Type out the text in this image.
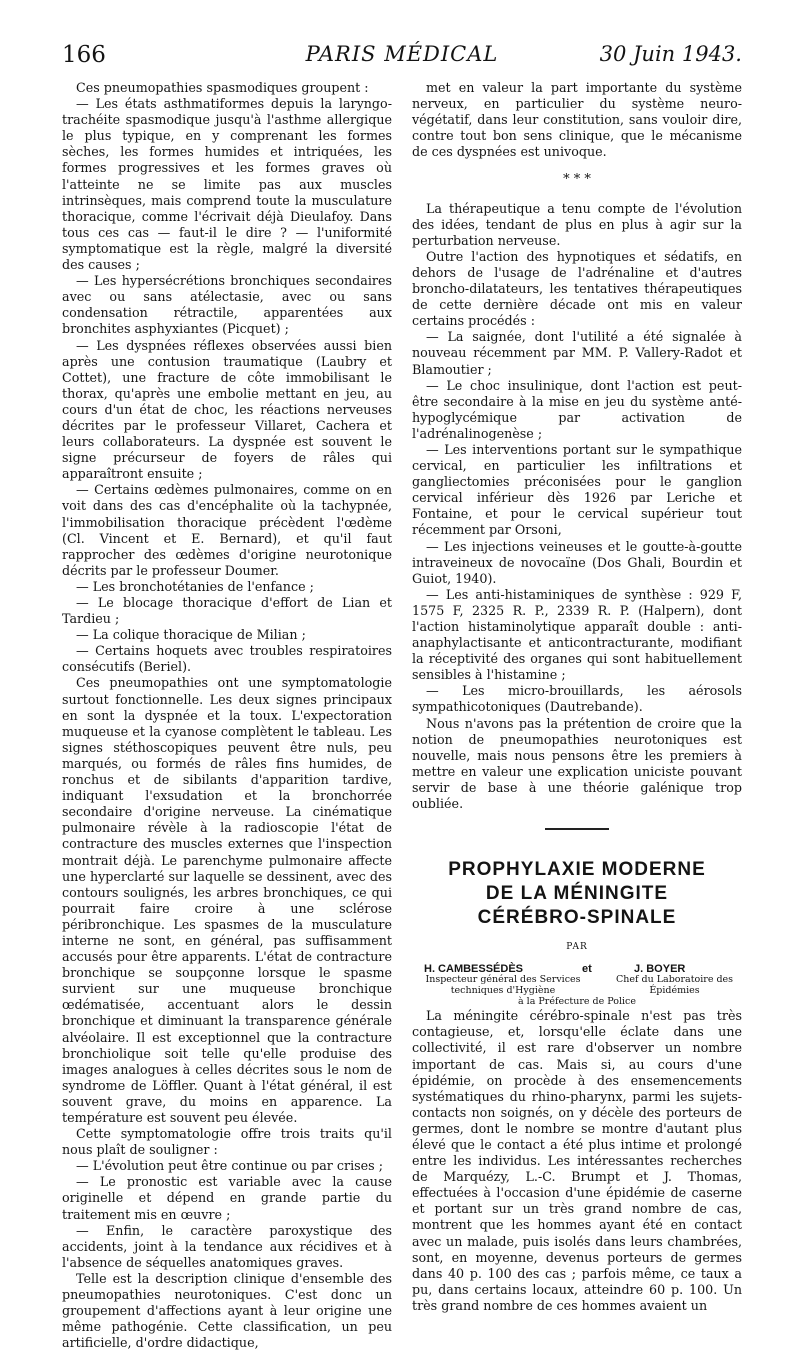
166	PARIS MÉDICAL	30 Juin 1943.

Ces pneumopathies spasmodiques groupent :

— Les états asthmatiformes depuis la laryngo-trachéite spasmodique jusqu'à l'asthme allergique le plus typique, en y comprenant les formes sèches, les formes humides et intriquées, les formes progressives et les formes graves où l'atteinte ne se limite pas aux muscles intrinsèques, mais comprend toute la musculature thoracique, comme l'écrivait déjà Dieulafoy. Dans tous ces cas — faut-il le dire ? — l'uniformité symptomatique est la règle, malgré la diversité des causes ;

— Les hypersécrétions bronchiques secondaires avec ou sans atélectasie, avec ou sans condensation rétractile, apparentées aux bronchites asphyxiantes (Picquet) ;

— Les dyspnées réflexes observées aussi bien après une contusion traumatique (Laubry et Cottet), une fracture de côte immobilisant le thorax, qu'après une embolie mettant en jeu, au cours d'un état de choc, les réactions nerveuses décrites par le professeur Villaret, Cachera et leurs collaborateurs. La dyspnée est souvent le signe précurseur de foyers de râles qui apparaîtront ensuite ;

— Certains œdèmes pulmonaires, comme on en voit dans des cas d'encéphalite où la tachypnée, l'immobilisation thoracique précèdent l'œdème (Cl. Vincent et E. Bernard), et qu'il faut rapprocher des œdèmes d'origine neurotonique décrits par le professeur Doumer.

— Les bronchotétanies de l'enfance ;

— Le blocage thoracique d'effort de Lian et Tardieu ;

— La colique thoracique de Milian ;

— Certains hoquets avec troubles respiratoires consécutifs (Beriel).

Ces pneumopathies ont une symptomatologie surtout fonctionnelle. Les deux signes principaux en sont la dyspnée et la toux. L'expectoration muqueuse et la cyanose complètent le tableau. Les signes stéthoscopiques peuvent être nuls, peu marqués, ou formés de râles fins humides, de ronchus et de sibilants d'apparition tardive, indiquant l'exsudation et la bronchorrée secondaire d'origine nerveuse. La cinématique pulmonaire révèle à la radioscopie l'état de contracture des muscles externes que l'inspection montrait déjà. Le parenchyme pulmonaire affecte une hyperclarté sur laquelle se dessinent, avec des contours soulignés, les arbres bronchiques, ce qui pourrait faire croire à une sclérose péribronchique. Les spasmes de la musculature interne ne sont, en général, pas suffisamment accusés pour être apparents. L'état de contracture bronchique se soupçonne lorsque le spasme survient sur une muqueuse bronchique œdématisée, accentuant alors le dessin bronchique et diminuant la transparence générale alvéolaire. Il est exceptionnel que la contracture bronchiolique soit telle qu'elle produise des images analogues à celles décrites sous le nom de syndrome de Löffler. Quant à l'état général, il est souvent grave, du moins en apparence. La température est souvent peu élevée.

Cette symptomatologie offre trois traits qu'il nous plaît de souligner :

— L'évolution peut être continue ou par crises ;

— Le pronostic est variable avec la cause originelle et dépend en grande partie du traitement mis en œuvre ;

— Enfin, le caractère paroxystique des accidents, joint à la tendance aux récidives et à l'absence de séquelles anatomiques graves.

Telle est la description clinique d'ensemble des pneumopathies neurotoniques. C'est donc un groupement d'affections ayant à leur origine une même pathogénie. Cette classification, un peu artificielle, d'ordre didactique,

met en valeur la part importante du système nerveux, en particulier du système neuro-végétatif, dans leur constitution, sans vouloir dire, contre tout bon sens clinique, que le mécanisme de ces dyspnées est univoque.

* * *

La thérapeutique a tenu compte de l'évolution des idées, tendant de plus en plus à agir sur la perturbation nerveuse.

Outre l'action des hypnotiques et sédatifs, en dehors de l'usage de l'adrénaline et d'autres broncho-dilatateurs, les tentatives thérapeutiques de cette dernière décade ont mis en valeur certains procédés :

— La saignée, dont l'utilité a été signalée à nouveau récemment par MM. P. Vallery-Radot et Blamoutier ;

— Le choc insulinique, dont l'action est peut-être secondaire à la mise en jeu du système anté-hypoglycémique par activation de l'adrénalinogenèse ;

— Les interventions portant sur le sympathique cervical, en particulier les infiltrations et gangliectomies préconisées pour le ganglion cervical inférieur dès 1926 par Leriche et Fontaine, et pour le cervical supérieur tout récemment par Orsoni,

— Les injections veineuses et le goutte-à-goutte intraveineux de novocaïne (Dos Ghali, Bourdin et Guiot, 1940).

— Les anti-histaminiques de synthèse : 929 F, 1575 F, 2325 R. P., 2339 R. P. (Halpern), dont l'action histaminolytique apparaît double : anti-anaphylactisante et anticontracturante, modifiant la réceptivité des organes qui sont habituellement sensibles à l'histamine ;

— Les micro-brouillards, les aérosols sympathicotoniques (Dautrebande).

Nous n'avons pas la prétention de croire que la notion de pneumopathies neurotoniques est nouvelle, mais nous pensons être les premiers à mettre en valeur une explication uniciste pouvant servir de base à une théorie galénique trop oubliée.

PROPHYLAXIE MODERNE
DE LA MÉNINGITE
CÉRÉBRO-SPINALE
PAR
H. CAMBESSÉDÈS	et	J. BOYER
Inspecteur général des Services techniques d'Hygiène
Chef du Laboratoire des Épidémies
à la Préfecture de Police

La méningite cérébro-spinale n'est pas très contagieuse, et, lorsqu'elle éclate dans une collectivité, il est rare d'observer un nombre important de cas. Mais si, au cours d'une épidémie, on procède à des ensemencements systématiques du rhino-pharynx, parmi les sujets-contacts non soignés, on y décèle des porteurs de germes, dont le nombre se montre d'autant plus élevé que le contact a été plus intime et prolongé entre les individus. Les intéressantes recherches de Marquézy, L.-C. Brumpt et J. Thomas, effectuées à l'occasion d'une épidémie de caserne et portant sur un très grand nombre de cas, montrent que les hommes ayant été en contact avec un malade, puis isolés dans leurs chambrées, sont, en moyenne, devenus porteurs de germes dans 40 p. 100 des cas ; parfois même, ce taux a pu, dans certains locaux, atteindre 60 p. 100. Un très grand nombre de ces hommes avaient un
